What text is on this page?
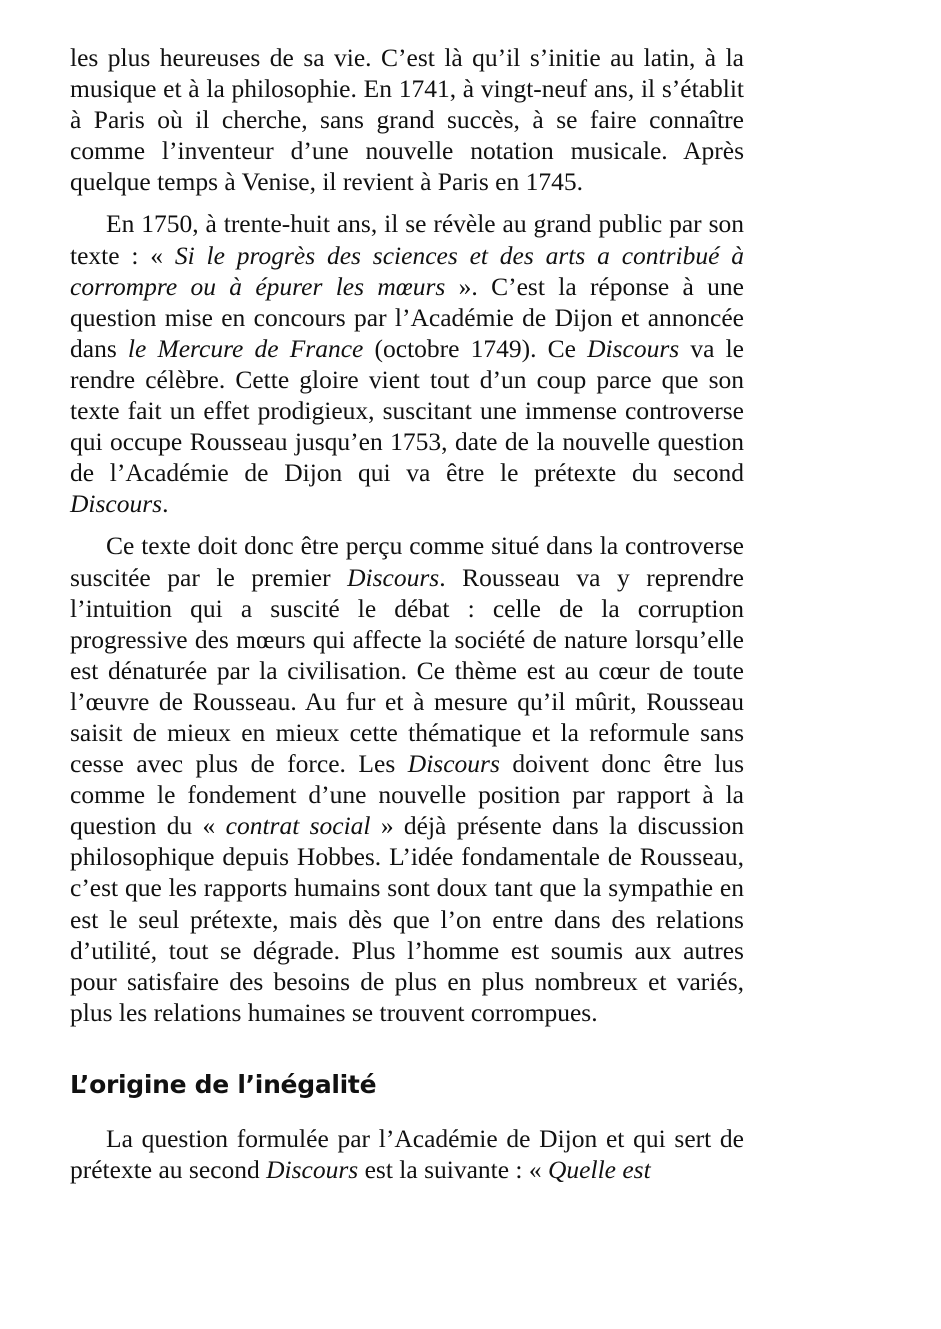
les plus heureuses de sa vie. C’est là qu’il s’initie au latin, à la musique et à la philosophie. En 1741, à vingt-neuf ans, il s’établit à Paris où il cherche, sans grand succès, à se faire connaître comme l’inventeur d’une nouvelle notation musicale. Après quelque temps à Venise, il revient à Paris en 1745.

En 1750, à trente-huit ans, il se révèle au grand public par son texte : « Si le progrès des sciences et des arts a contribué à corrompre ou à épurer les mœurs ». C’est la réponse à une question mise en concours par l’Académie de Dijon et annoncée dans le Mercure de France (octobre 1749). Ce Discours va le rendre célèbre. Cette gloire vient tout d’un coup parce que son texte fait un effet prodigieux, suscitant une immense controverse qui occupe Rousseau jusqu’en 1753, date de la nouvelle question de l’Académie de Dijon qui va être le prétexte du second Discours.

Ce texte doit donc être perçu comme situé dans la controverse suscitée par le premier Discours. Rousseau va y reprendre l’intuition qui a suscité le débat : celle de la corruption progressive des mœurs qui affecte la société de nature lorsqu’elle est dénaturée par la civilisation. Ce thème est au cœur de toute l’œuvre de Rousseau. Au fur et à mesure qu’il mûrit, Rousseau saisit de mieux en mieux cette thématique et la reformule sans cesse avec plus de force. Les Discours doivent donc être lus comme le fondement d’une nouvelle position par rapport à la question du « contrat social » déjà présente dans la discussion philosophique depuis Hobbes. L’idée fondamentale de Rousseau, c’est que les rapports humains sont doux tant que la sympathie en est le seul prétexte, mais dès que l’on entre dans des relations d’utilité, tout se dégrade. Plus l’homme est soumis aux autres pour satisfaire des besoins de plus en plus nombreux et variés, plus les relations humaines se trouvent corrompues.

L’origine de l’inégalité

La question formulée par l’Académie de Dijon et qui sert de prétexte au second Discours est la suivante : « Quelle est
